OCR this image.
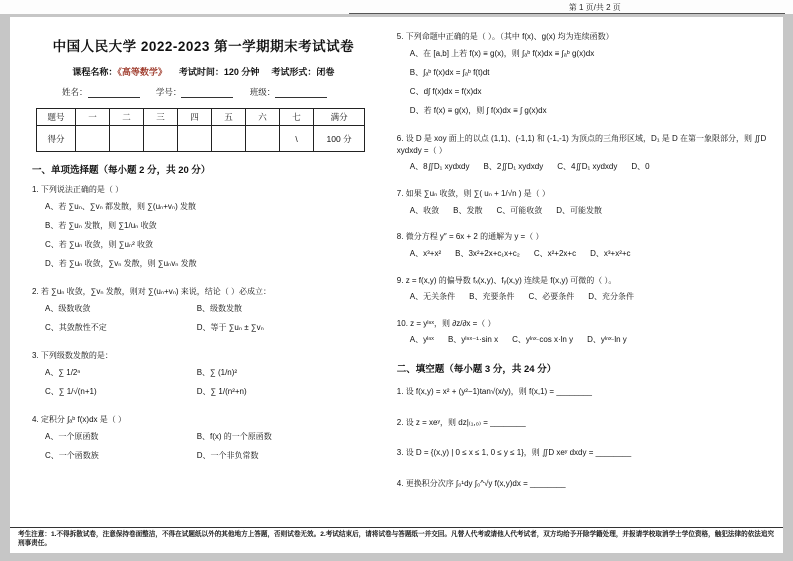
第 1 页/共 2 页
中国人民大学 2022-2023 第一学期期末考试试卷
课程名称：《高等数学》 考试时间：120 分钟 考试形式：闭卷
姓名：	学号：	班级：
题号	一	二	三	四	五	六	七	满分
得分							\	100 分
一、单项选择题（每小题 2 分，共 20 分）
1. 下列说法正确的是（ ）
A、若 ∑uₙ、∑vₙ 都发散，则 ∑(uₙ+vₙ) 发散
B、若 ∑uₙ 发散，则 ∑1/uₙ 收敛
C、若 ∑uₙ 收敛，则 ∑uₙ² 收敛
D、若 ∑uₙ 收敛，∑vₙ 发散，则 ∑uₙvₙ 发散
2. 若 ∑uₙ 收敛，∑vₙ 发散，则对 ∑(uₙ+vₙ) 来说，结论（ ）必成立：
A、级数收敛	B、级数发散
C、其敛散性不定	D、等于 ∑uₙ ± ∑vₙ
3. 下列级数发散的是：
A、∑ 1/2ⁿ	B、∑ (1/n)²
C、∑ 1/√(n+1)	D、∑ 1/(n²+n)
4. 定积分 ∫ₐᵇ f(x)dx 是（ ）
A、一个原函数	B、f(x) 的一个原函数
C、一个函数族	D、一个非负常数
5. 下列命题中正确的是（ ）。（其中 f(x)、g(x) 均为连续函数）
A、在 [a,b] 上若 f(x) ≡ g(x)，则 ∫ₐᵇ f(x)dx ≡ ∫ₐᵇ g(x)dx
B、∫ₐᵇ f(x)dx = ∫ₐᵇ f(t)dt
C、d∫ f(x)dx = f(x)dx
D、若 f(x) ≡ g(x)，则 ∫ f(x)dx ≡ ∫ g(x)dx
6. 设 D 是 xoy 面上的以点 (1,1)、(-1,1) 和 (-1,-1) 为顶点的三角形区域，D₁ 是 D 在第一象限部分，则 ∬D xydxdy =（ ）
A、8∬D₁ xydxdy B、2∬D₁ xydxdy C、4∬D₁ xydxdy D、0
7. 如果 ∑uₙ 收敛，则 ∑( uₙ + 1/√n ) 是（ ）
A、收敛 B、发散 C、可能收敛 D、可能发散
8. 微分方程 y″ = 6x + 2 的通解为 y =（ ）
A、x³+x² B、3x²+2x+c₁x+c₂ C、x²+2x+c D、x³+x²+c
9. z = f(x,y) 的偏导数 fₓ(x,y)、fᵧ(x,y) 连续是 f(x,y) 可微的（ ）。
A、无关条件 B、充要条件 C、必要条件 D、充分条件
10. z = yˡⁿˣ，则 ∂z/∂x =（ ）
A、yˡⁿˣ B、yˡⁿˣ⁻¹·sin x C、yˡⁿˣ·cos x·ln y D、yˡⁿˣ·ln y
二、填空题（每小题 3 分，共 24 分）
1. 设 f(x,y) = x² + (y²−1)tan√(x/y)，则 f(x,1) = ________
2. 设 z = xeʸ，则 dz|₍₁,₀₎ = ________
3. 设 D = {(x,y) | 0 ≤ x ≤ 1, 0 ≤ y ≤ 1}，则 ∬D xeʸ dxdy = ________
4. 更换积分次序 ∫₀¹dy ∫₀^√y f(x,y)dx = ________
考生注意：1.不得拆散试卷，注意保持卷面整洁，不得在试题纸以外的其他地方上答题，否则试卷无效。2.考试结束后，请将试卷与答题纸一并交回。凡替人代考或请他人代考试者，双方均给予开除学籍处理，并报请学校取消学士学位资格，触犯法律的依法追究刑事责任。
